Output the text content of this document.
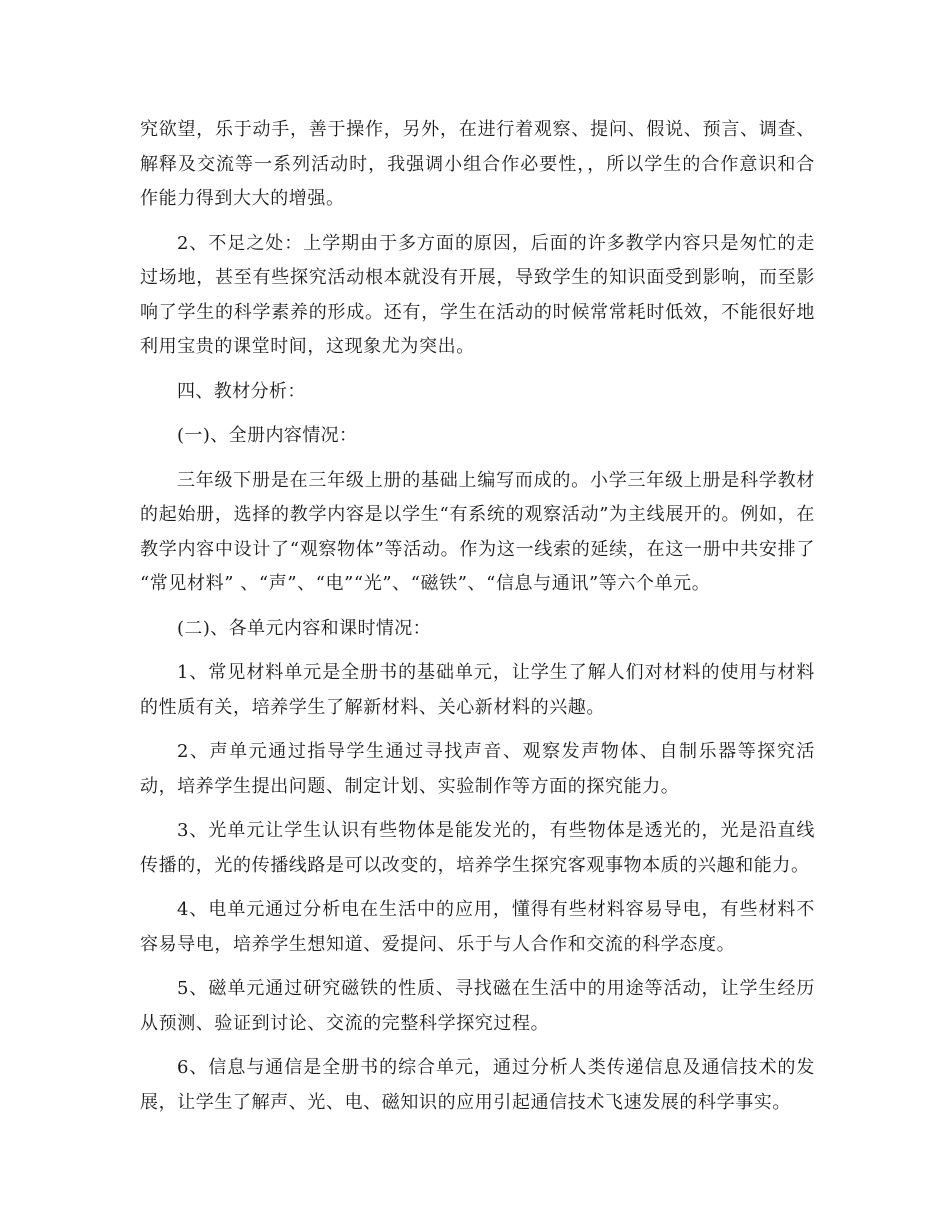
究欲望，乐于动手，善于操作，另外，在进行着观察、提问、假说、预言、调查、解释及交流等一系列活动时，我强调小组合作必要性，，所以学生的合作意识和合作能力得到大大的增强。

2、不足之处：上学期由于多方面的原因，后面的许多教学内容只是匆忙的走过场地，甚至有些探究活动根本就没有开展，导致学生的知识面受到影响，而至影响了学生的科学素养的形成。还有，学生在活动的时候常常耗时低效，不能很好地利用宝贵的课堂时间，这现象尤为突出。

四、教材分析：

(一)、全册内容情况：

三年级下册是在三年级上册的基础上编写而成的。小学三年级上册是科学教材的起始册，选择的教学内容是以学生“有系统的观察活动”为主线展开的。例如，在教学内容中设计了“观察物体”等活动。作为这一线索的延续，在这一册中共安排了 “常见材料” 、“声”、“电”“光”、“磁铁”、“信息与通讯”等六个单元。

(二)、各单元内容和课时情况：

1、常见材料单元是全册书的基础单元，让学生了解人们对材料的使用与材料的性质有关，培养学生了解新材料、关心新材料的兴趣。

2、声单元通过指导学生通过寻找声音、观察发声物体、自制乐器等探究活动，培养学生提出问题、制定计划、实验制作等方面的探究能力。

3、光单元让学生认识有些物体是能发光的，有些物体是透光的，光是沿直线传播的，光的传播线路是可以改变的，培养学生探究客观事物本质的兴趣和能力。

4、电单元通过分析电在生活中的应用，懂得有些材料容易导电，有些材料不容易导电，培养学生想知道、爱提问、乐于与人合作和交流的科学态度。

5、磁单元通过研究磁铁的性质、寻找磁在生活中的用途等活动，让学生经历从预测、验证到讨论、交流的完整科学探究过程。

6、信息与通信是全册书的综合单元，通过分析人类传递信息及通信技术的发展，让学生了解声、光、电、磁知识的应用引起通信技术飞速发展的科学事实。
